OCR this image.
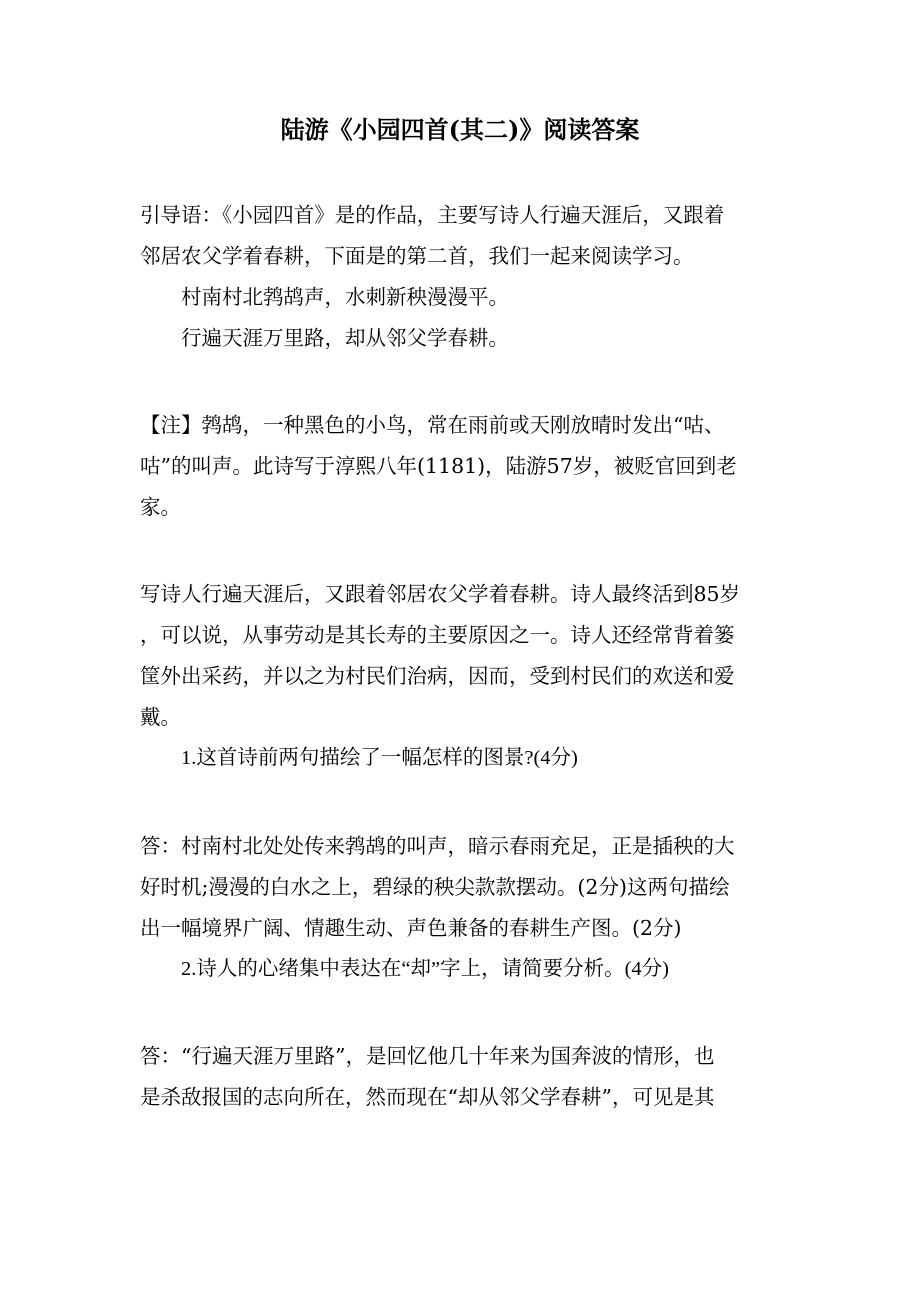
陆游《小园四首(其二)》阅读答案
引导语：《小园四首》是的作品，主要写诗人行遍天涯后，又跟着
邻居农父学着春耕，下面是的第二首，我们一起来阅读学习。
村南村北鹁鸪声，水刺新秧漫漫平。
行遍天涯万里路，却从邻父学春耕。
【注】鹁鸪，一种黑色的小鸟，常在雨前或天刚放晴时发出“咕、
咕”的叫声。此诗写于淳熙八年(1181)，陆游57岁，被贬官回到老
家。
写诗人行遍天涯后，又跟着邻居农父学着春耕。诗人最终活到85岁
，可以说，从事劳动是其长寿的主要原因之一。诗人还经常背着篓
筐外出采药，并以之为村民们治病，因而，受到村民们的欢送和爱
戴。
1.这首诗前两句描绘了一幅怎样的图景?(4分)
答：村南村北处处传来鹁鸪的叫声，暗示春雨充足，正是插秧的大
好时机;漫漫的白水之上，碧绿的秧尖款款摆动。(2分)这两句描绘
出一幅境界广阔、情趣生动、声色兼备的春耕生产图。(2分)
2.诗人的心绪集中表达在“却”字上，请简要分析。(4分)
答：“行遍天涯万里路”，是回忆他几十年来为国奔波的情形，也
是杀敌报国的志向所在，然而现在“却从邻父学春耕”，可见是其
